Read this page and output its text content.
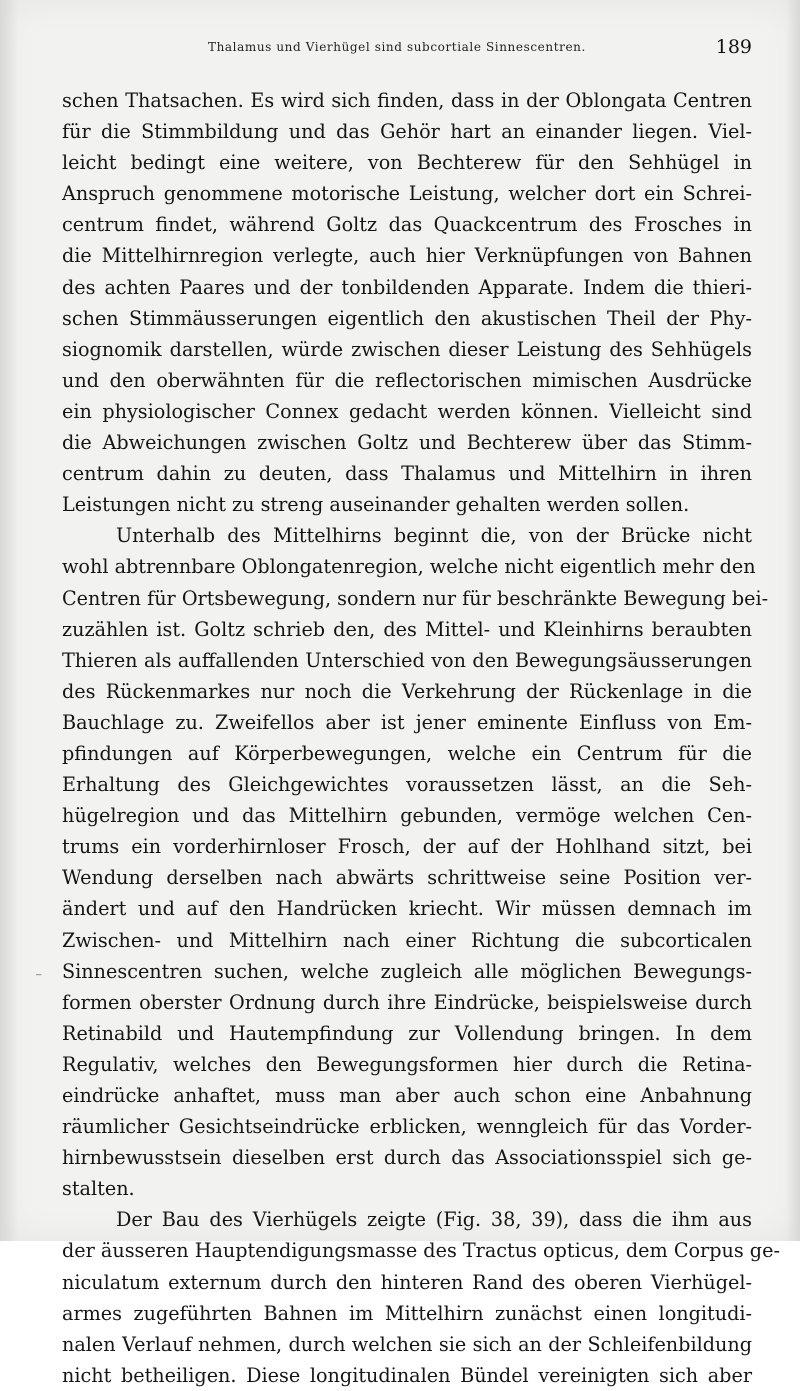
Thalamus und Vierhügel sind subcortiale Sinnescentren.	189
⁻
schen Thatsachen. Es wird sich finden, dass in der Oblongata Centren
für die Stimmbildung und das Gehör hart an einander liegen. Viel-
leicht bedingt eine weitere, von Bechterew für den Sehhügel in
Anspruch genommene motorische Leistung, welcher dort ein Schrei-
centrum findet, während Goltz das Quackcentrum des Frosches in
die Mittelhirnregion verlegte, auch hier Verknüpfungen von Bahnen
des achten Paares und der tonbildenden Apparate. Indem die thieri-
schen Stimmäusserungen eigentlich den akustischen Theil der Phy-
siognomik darstellen, würde zwischen dieser Leistung des Sehhügels
und den oberwähnten für die reflectorischen mimischen Ausdrücke
ein physiologischer Connex gedacht werden können. Vielleicht sind
die Abweichungen zwischen Goltz und Bechterew über das Stimm-
centrum dahin zu deuten, dass Thalamus und Mittelhirn in ihren
Leistungen nicht zu streng auseinander gehalten werden sollen.
Unterhalb des Mittelhirns beginnt die, von der Brücke nicht
wohl abtrennbare Oblongatenregion, welche nicht eigentlich mehr den
Centren für Ortsbewegung, sondern nur für beschränkte Bewegung bei-
zuzählen ist. Goltz schrieb den, des Mittel- und Kleinhirns beraubten
Thieren als auffallenden Unterschied von den Bewegungsäusserungen
des Rückenmarkes nur noch die Verkehrung der Rückenlage in die
Bauchlage zu. Zweifellos aber ist jener eminente Einfluss von Em-
pfindungen auf Körperbewegungen, welche ein Centrum für die
Erhaltung des Gleichgewichtes voraussetzen lässt, an die Seh-
hügelregion und das Mittelhirn gebunden, vermöge welchen Cen-
trums ein vorderhirnloser Frosch, der auf der Hohlhand sitzt, bei
Wendung derselben nach abwärts schrittweise seine Position ver-
ändert und auf den Handrücken kriecht. Wir müssen demnach im
Zwischen- und Mittelhirn nach einer Richtung die subcorticalen
Sinnescentren suchen, welche zugleich alle möglichen Bewegungs-
formen oberster Ordnung durch ihre Eindrücke, beispielsweise durch
Retinabild und Hautempfindung zur Vollendung bringen. In dem
Regulativ, welches den Bewegungsformen hier durch die Retina-
eindrücke anhaftet, muss man aber auch schon eine Anbahnung
räumlicher Gesichtseindrücke erblicken, wenngleich für das Vorder-
hirnbewusstsein dieselben erst durch das Associationsspiel sich ge-
stalten.
Der Bau des Vierhügels zeigte (Fig. 38, 39), dass die ihm aus
der äusseren Hauptendigungsmasse des Tractus opticus, dem Corpus ge-
niculatum externum durch den hinteren Rand des oberen Vierhügel-
armes zugeführten Bahnen im Mittelhirn zunächst einen longitudi-
nalen Verlauf nehmen, durch welchen sie sich an der Schleifenbildung
nicht betheiligen. Diese longitudinalen Bündel vereinigten sich aber
